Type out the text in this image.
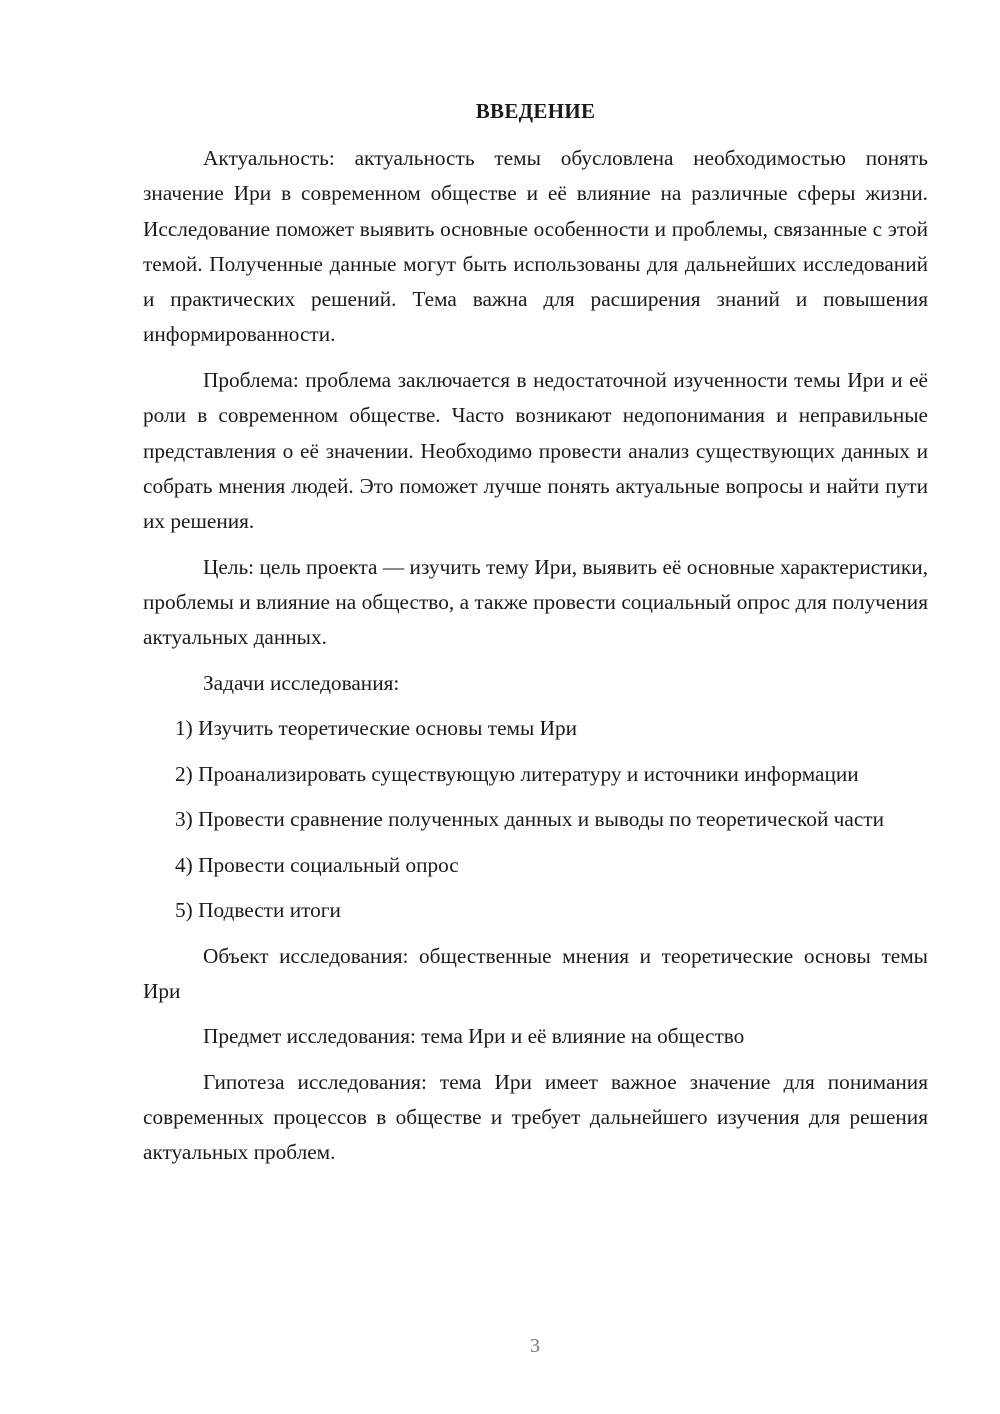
ВВЕДЕНИЕ

Актуальность: актуальность темы обусловлена необходимостью понять значение Ири в современном обществе и её влияние на различные сферы жизни. Исследование поможет выявить основные особенности и проблемы, связанные с этой темой. Полученные данные могут быть использованы для дальнейших исследований и практических решений. Тема важна для расширения знаний и повышения информированности.

Проблема: проблема заключается в недостаточной изученности темы Ири и её роли в современном обществе. Часто возникают недопонимания и неправильные представления о её значении. Необходимо провести анализ существующих данных и собрать мнения людей. Это поможет лучше понять актуальные вопросы и найти пути их решения.

Цель: цель проекта — изучить тему Ири, выявить её основные характеристики, проблемы и влияние на общество, а также провести социальный опрос для получения актуальных данных.

Задачи исследования:

1) Изучить теоретические основы темы Ири

2) Проанализировать существующую литературу и источники информации

3) Провести сравнение полученных данных и выводы по теоретической части

4) Провести социальный опрос

5) Подвести итоги

Объект исследования: общественные мнения и теоретические основы темы Ири

Предмет исследования: тема Ири и её влияние на общество

Гипотеза исследования: тема Ири имеет важное значение для понимания современных процессов в обществе и требует дальнейшего изучения для решения актуальных проблем.

3
